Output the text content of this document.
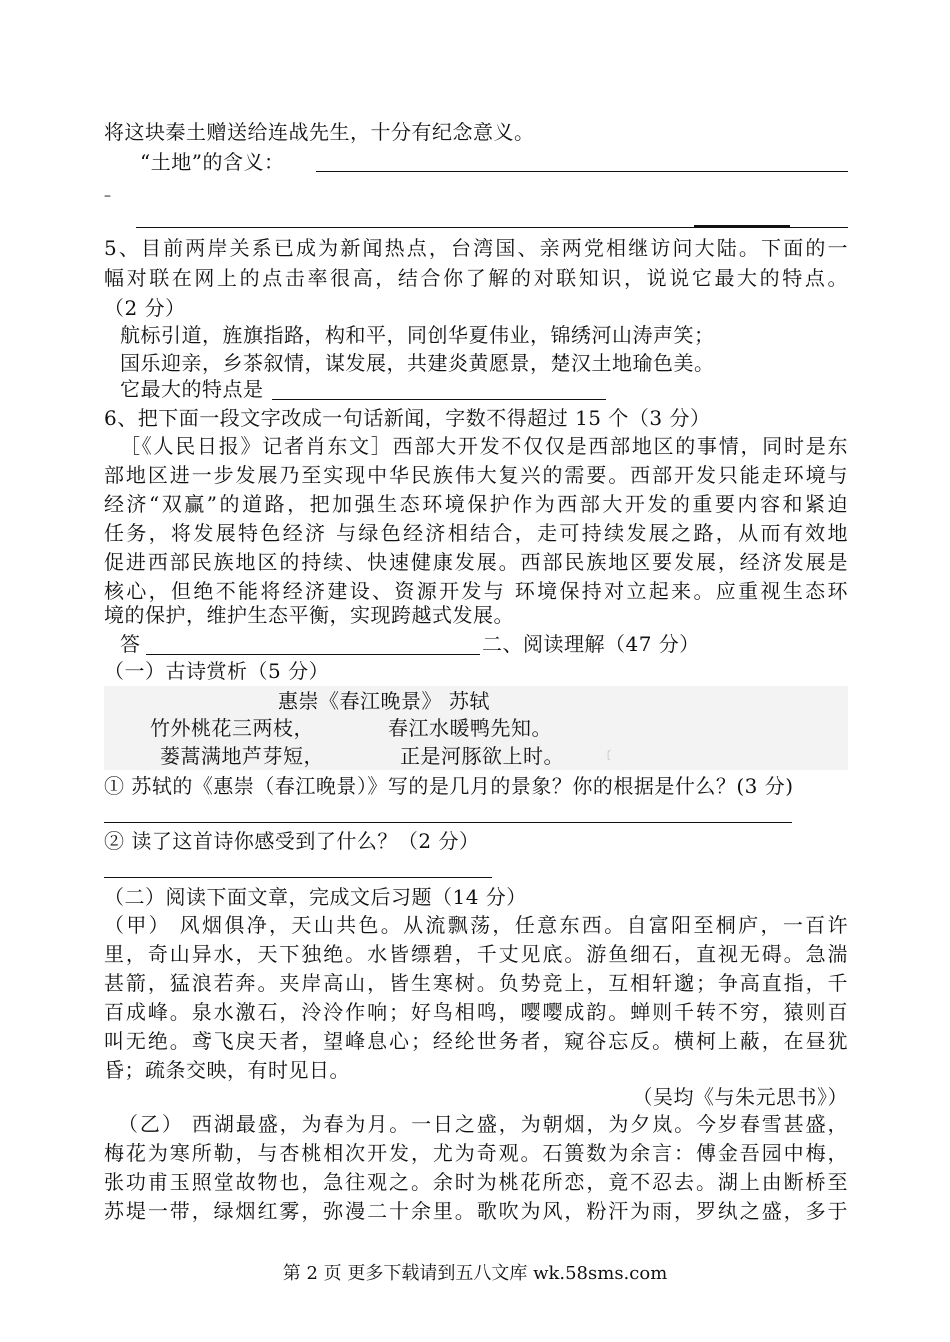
将这块秦土赠送给连战先生，十分有纪念意义。
“土地”的含义：
–
5、目前两岸关系已成为新闻热点，台湾国、亲两党相继访问大陆。下面的一
幅对联在网上的点击率很高，结合你了解的对联知识，说说它最大的特点。
（2 分）
航标引道，旌旗指路，构和平，同创华夏伟业，锦绣河山涛声笑；
国乐迎亲，乡茶叙情，谋发展，共建炎黄愿景，楚汉土地瑜色美。
它最大的特点是
6、把下面一段文字改成一句话新闻，字数不得超过 15 个（3 分）
［《人民日报》记者肖东文］西部大开发不仅仅是西部地区的事情，同时是东
部地区进一步发展乃至实现中华民族伟大复兴的需要。西部开发只能走环境与
经济“双赢”的道路，把加强生态环境保护作为西部大开发的重要内容和紧迫
任务，将发展特色经济 与绿色经济相结合，走可持续发展之路，从而有效地
促进西部民族地区的持续、快速健康发展。西部民族地区要发展，经济发展是
核心，但绝不能将经济建设、资源开发与 环境保持对立起来。应重视生态环
境的保护，维护生态平衡，实现跨越式发展。
答	二、阅读理解（47 分）
（一）古诗赏析（5 分）
惠崇《春江晚景》 苏轼
竹外桃花三两枝，	春江水暖鸭先知。
蒌蒿满地芦芽短，	正是河豚欲上时。	〔
① 苏轼的《惠崇（春江晚景）》写的是几月的景象？你的根据是什么？(3 分)
② 读了这首诗你感受到了什么？（2 分）
（二）阅读下面文章，完成文后习题（14 分）
（甲） 风烟俱净，天山共色。从流飘荡，任意东西。自富阳至桐庐，一百许
里，奇山异水，天下独绝。水皆缥碧，千丈见底。游鱼细石，直视无碍。急湍
甚箭，猛浪若奔。夹岸高山，皆生寒树。负势竞上，互相轩邈；争高直指，千
百成峰。泉水激石，泠泠作响；好鸟相鸣，嘤嘤成韵。蝉则千转不穷，猿则百
叫无绝。鸢飞戾天者，望峰息心；经纶世务者，窥谷忘反。横柯上蔽，在昼犹
昏；疏条交映，有时见日。
（吴均《与朱元思书》）
（乙） 西湖最盛，为春为月。一日之盛，为朝烟，为夕岚。今岁春雪甚盛，
梅花为寒所勒，与杏桃相次开发，尤为奇观。石篑数为余言：傅金吾园中梅，
张功甫玉照堂故物也，急往观之。余时为桃花所恋，竟不忍去。湖上由断桥至
苏堤一带，绿烟红雾，弥漫二十余里。歌吹为风，粉汗为雨，罗纨之盛，多于
第 2 页 更多下载请到五八文库 wk.58sms.com
